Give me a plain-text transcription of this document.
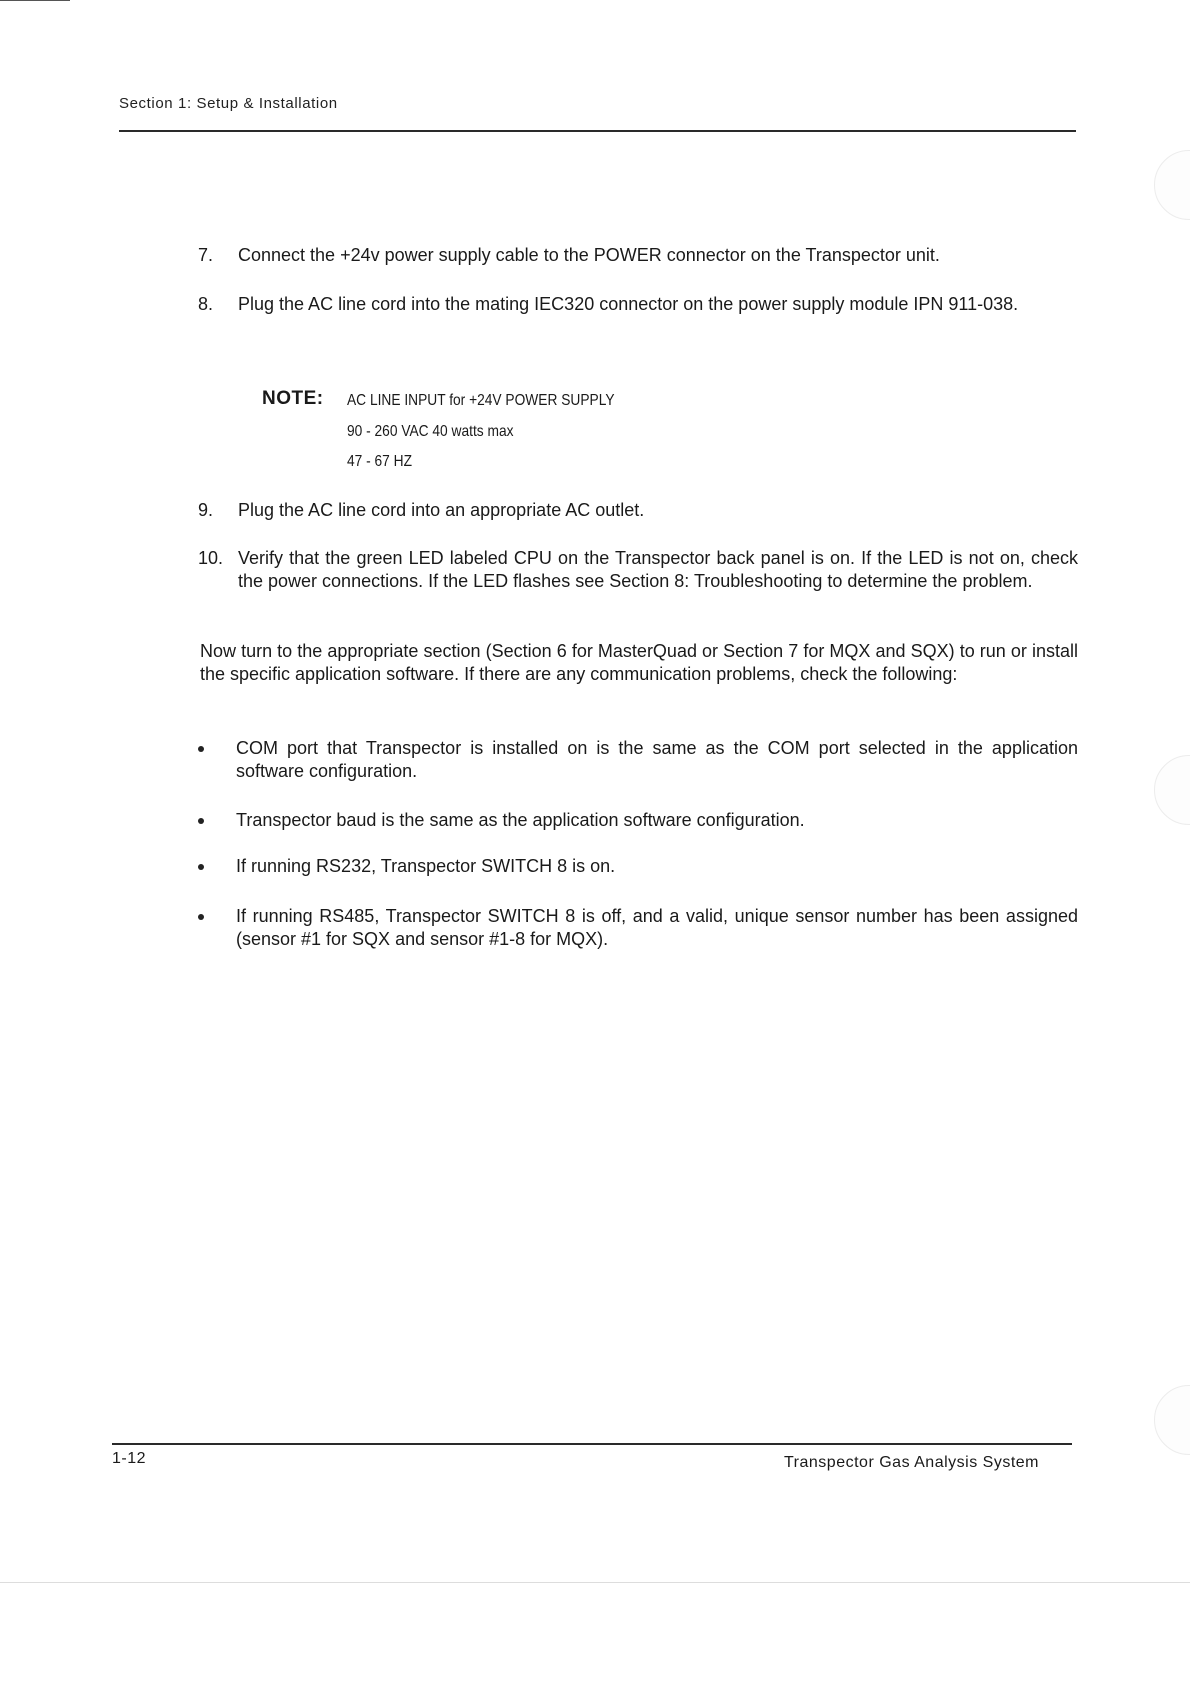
Section 1: Setup & Installation
7.	Connect the +24v power supply cable to the POWER connector on the Transpector unit.
8.	Plug the AC line cord into the mating IEC320 connector on the power supply module IPN 911-038.
NOTE: AC LINE INPUT for +24V POWER SUPPLY
90 - 260 VAC 40 watts max
47 - 67 HZ
9.	Plug the AC line cord into an appropriate AC outlet.
10. Verify that the green LED labeled CPU on the Transpector back panel is on. If the LED is not on, check the power connections. If the LED flashes see Section 8: Troubleshooting to determine the problem.
Now turn to the appropriate section (Section 6 for MasterQuad or Section 7 for MQX and SQX) to run or install the specific application software. If there are any communication problems, check the following:
COM port that Transpector is installed on is the same as the COM port selected in the application software configuration.
Transpector baud is the same as the application software configuration.
If running RS232, Transpector SWITCH 8 is on.
If running RS485, Transpector SWITCH 8 is off, and a valid, unique sensor number has been assigned (sensor #1 for SQX and sensor #1-8 for MQX).
1-12	Transpector Gas Analysis System
